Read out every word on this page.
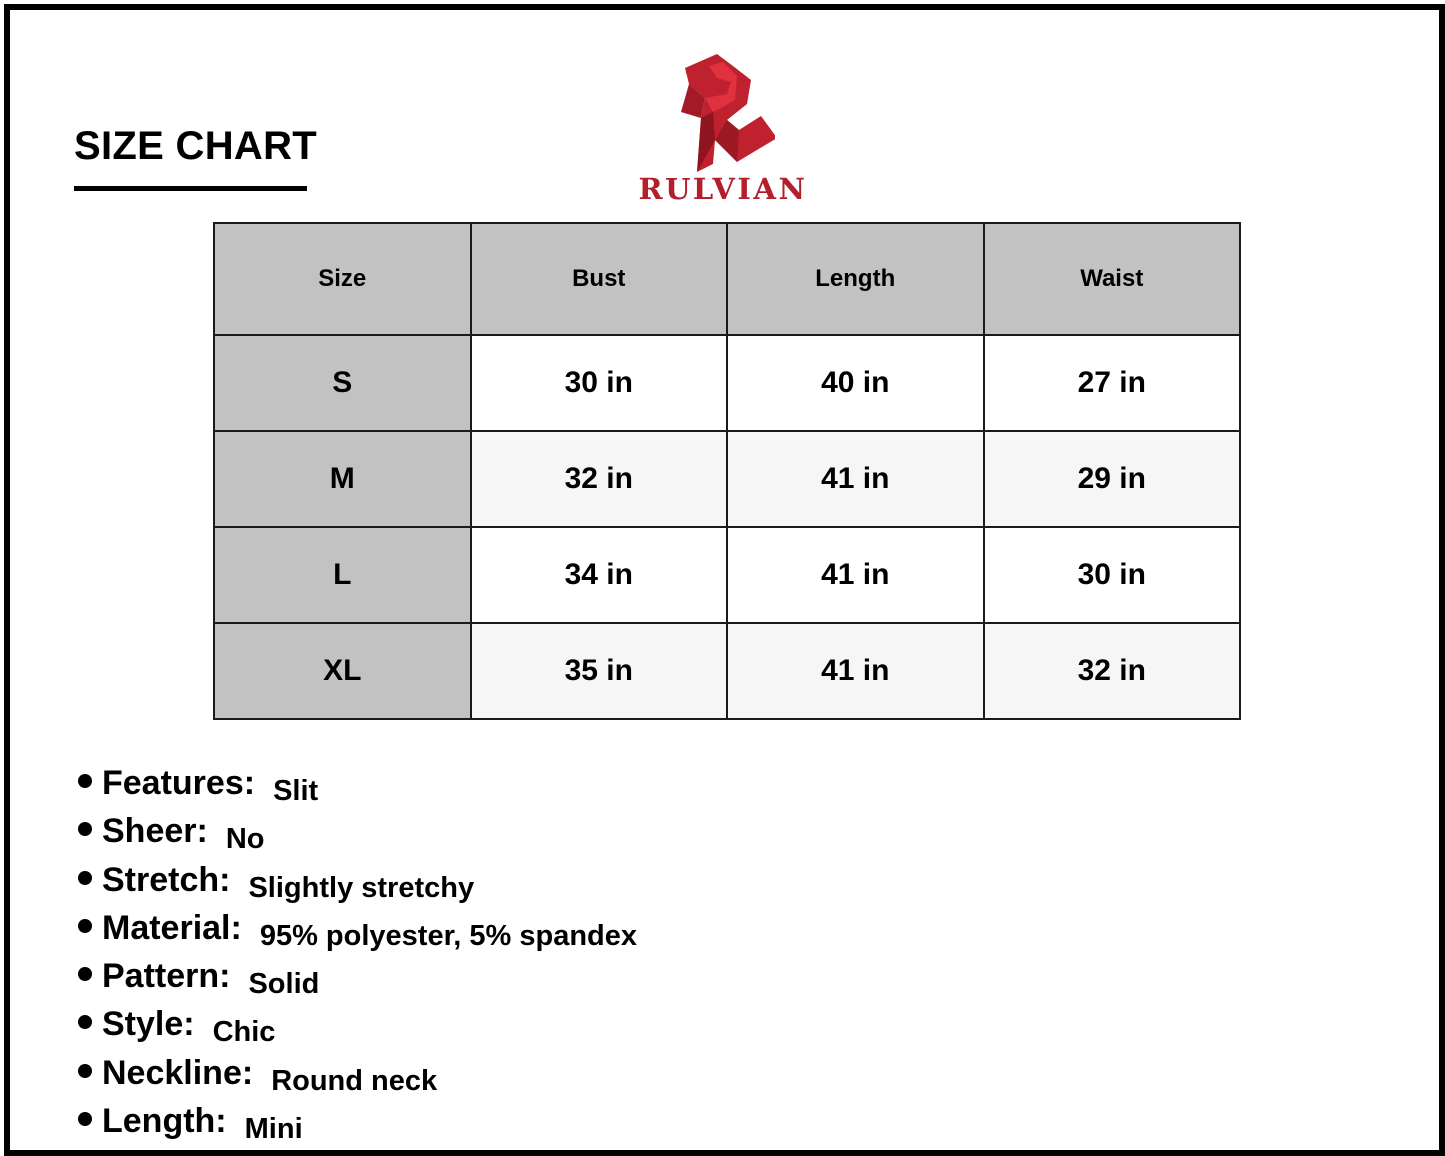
SIZE CHART
RULVIAN
Size	Bust	Length	Waist
S	30 in	40 in	27 in
M	32 in	41 in	29 in
L	34 in	41 in	30 in
XL	35 in	41 in	32 in
Features: Slit
Sheer: No
Stretch: Slightly stretchy
Material: 95% polyester, 5% spandex
Pattern: Solid
Style: Chic
Neckline: Round neck
Length: Mini
